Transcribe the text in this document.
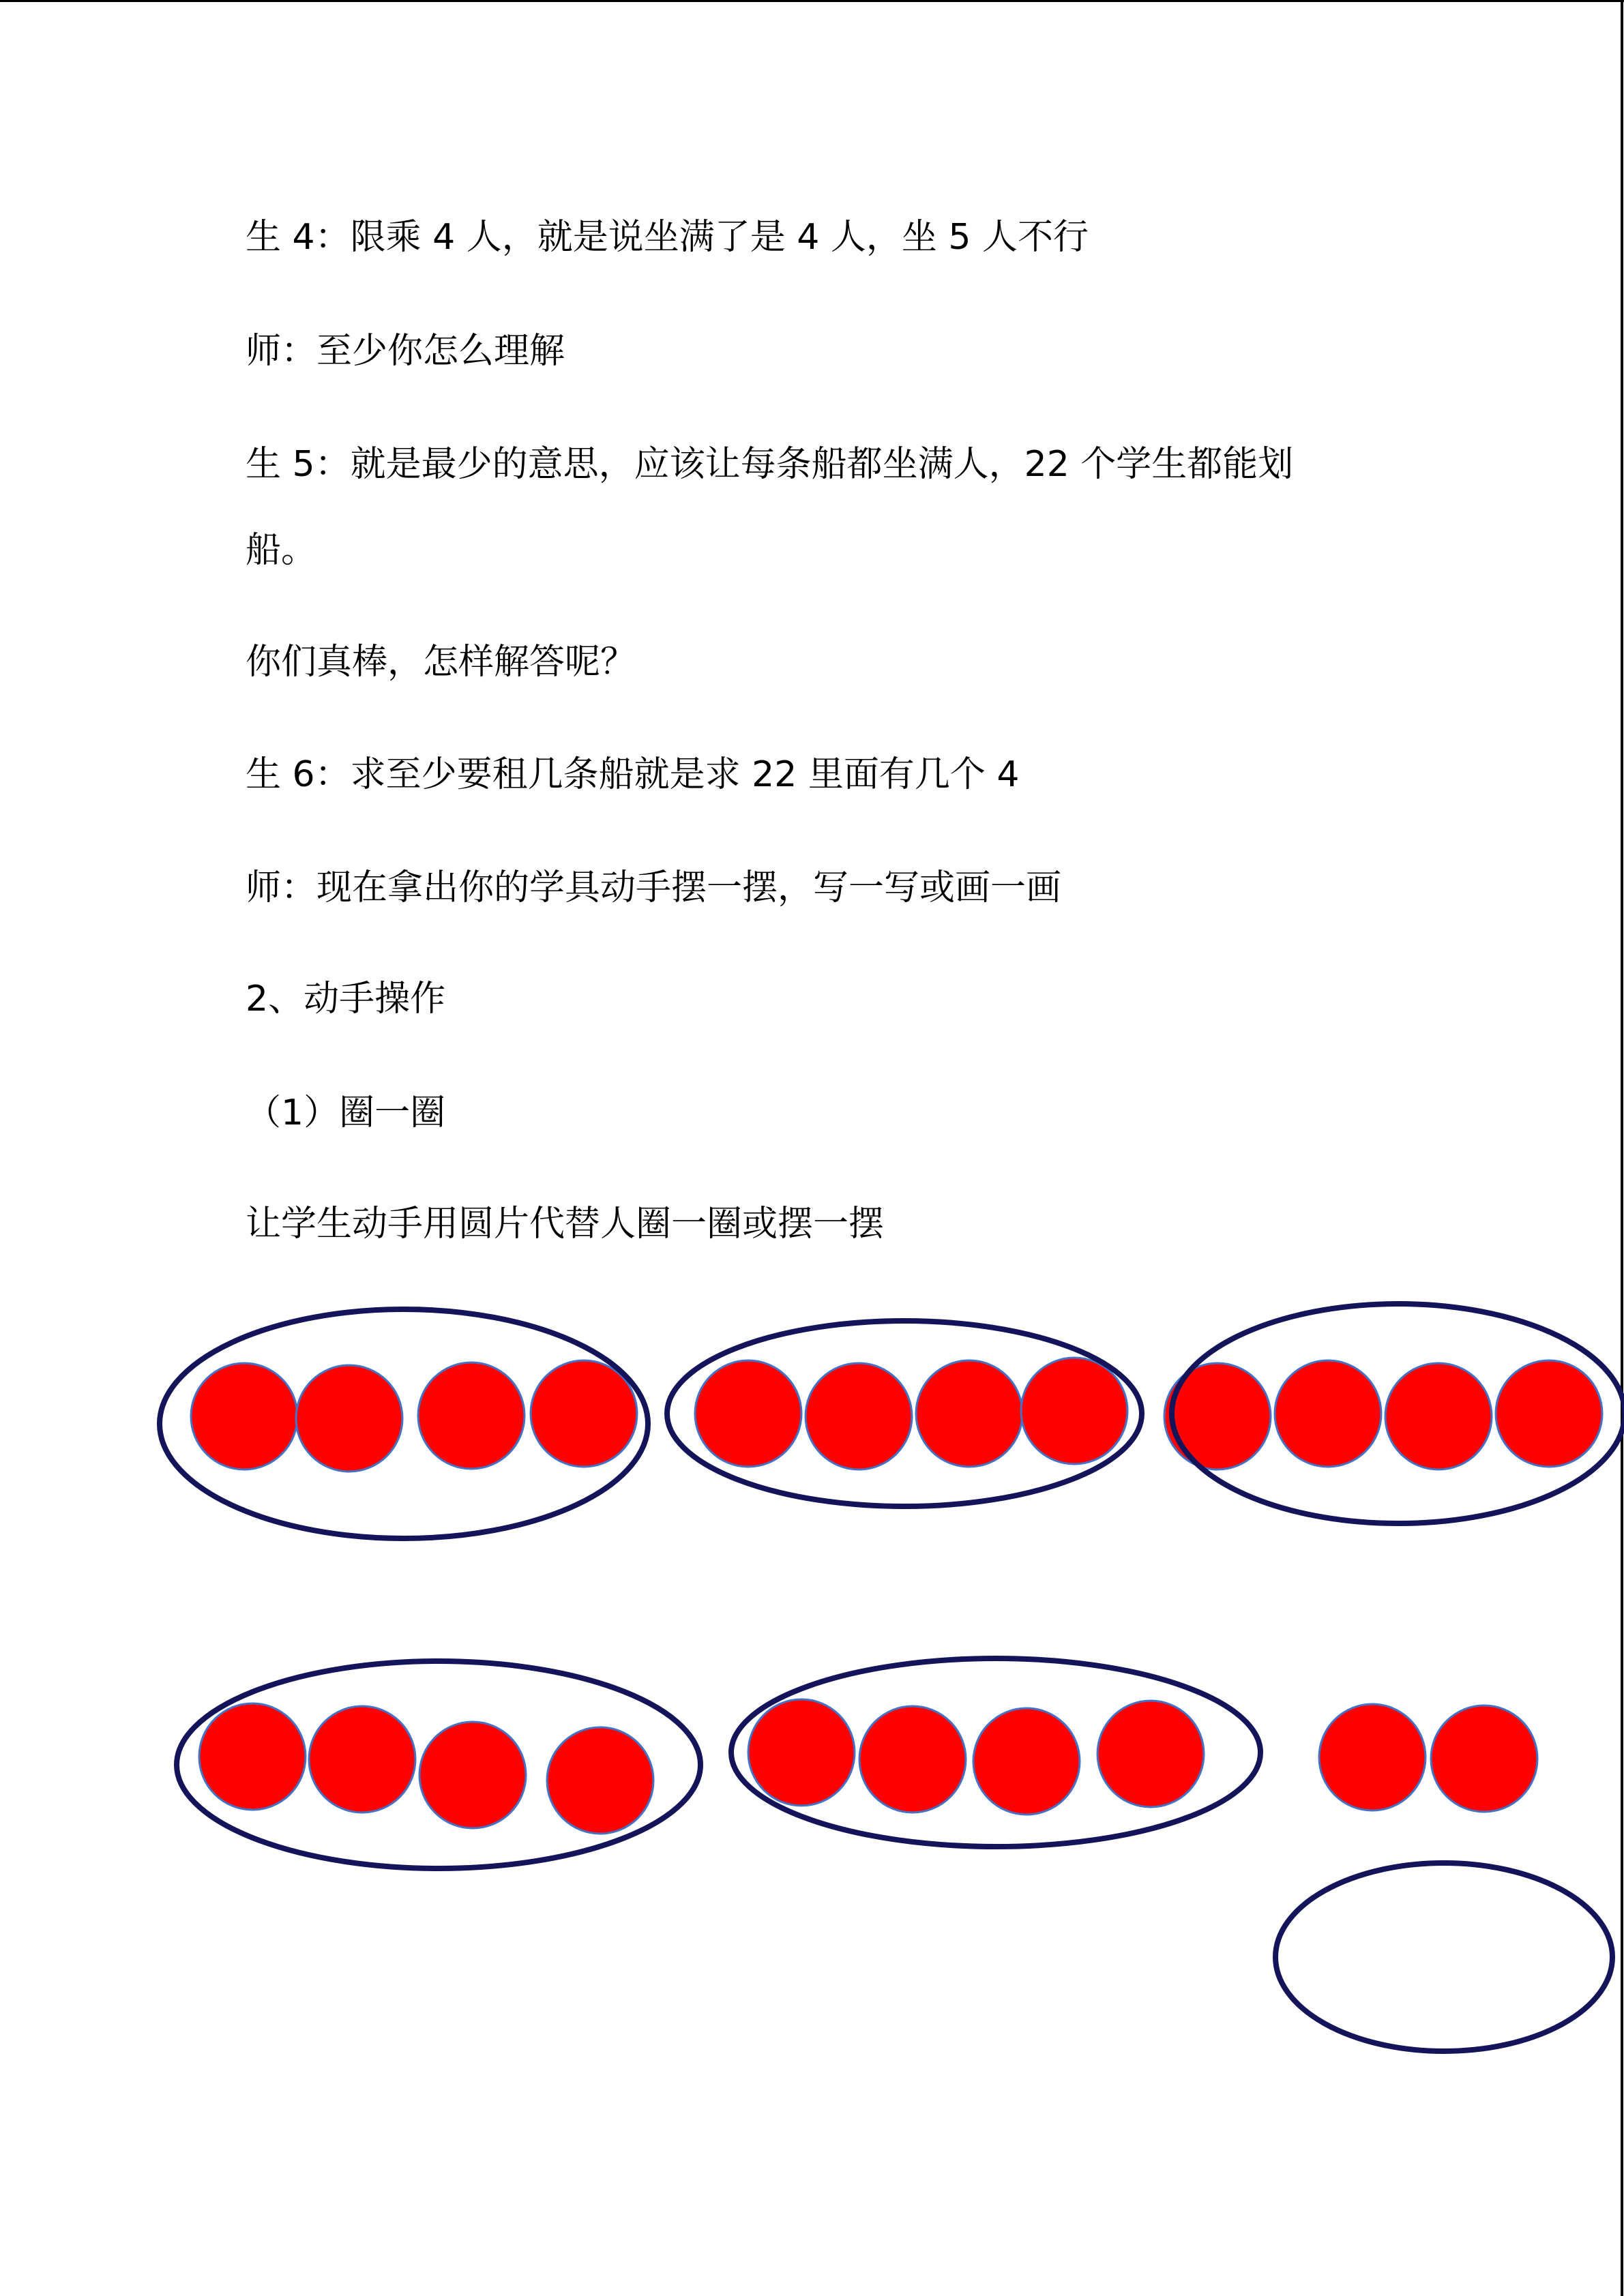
生 4：限乘 4 人，就是说坐满了是 4 人，坐 5 人不行

师：至少你怎么理解

生 5：就是最少的意思，应该让每条船都坐满人，22 个学生都能划

船。

你们真棒，怎样解答呢？

生 6：求至少要租几条船就是求 22 里面有几个 4

师：现在拿出你的学具动手摆一摆，写一写或画一画

2、动手操作

（1）圈一圈

让学生动手用圆片代替人圈一圈或摆一摆
